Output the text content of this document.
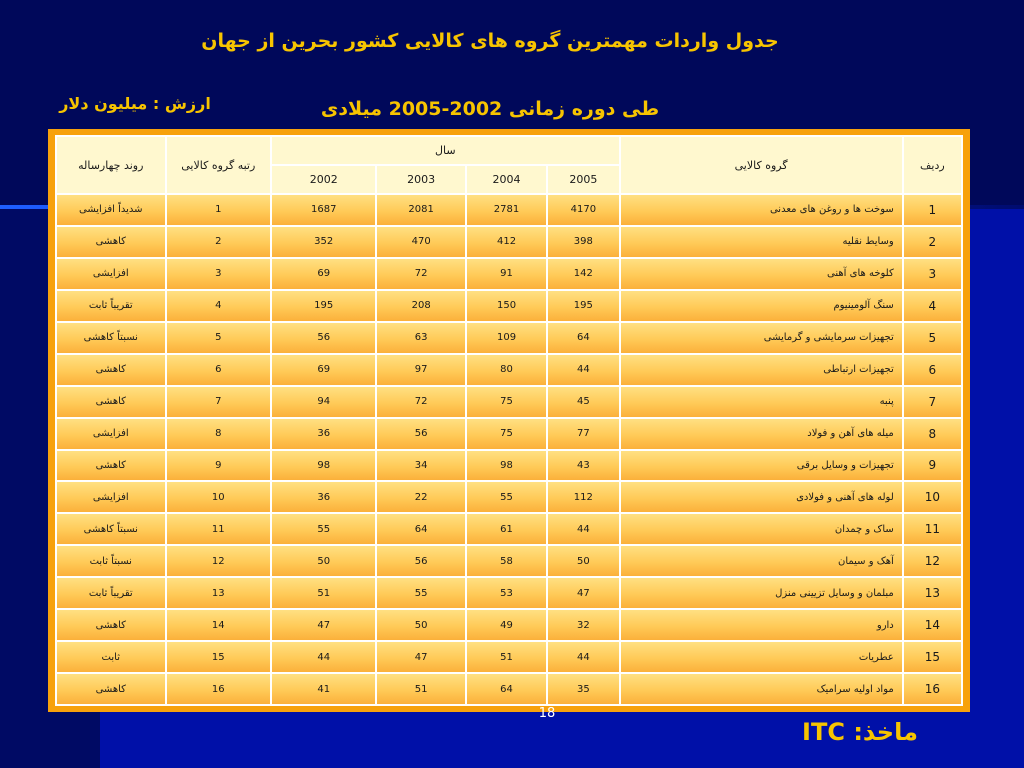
جدول واردات مهمترین گروه های کالایی کشور بحرین از جهان
ارزش : میلیون دلار	طی دوره زمانی 2002-2005 میلادی
ردیف	گروه کالایی	سال				رتبه گروه کالایی	روند چهارساله
		2005	2004	2003	2002		
1	سوخت ها و روغن های معدنی	4170	2781	2081	1687	1	شدیداً افزایشی
2	وسایط نقلیه	398	412	470	352	2	کاهشی
3	کلوخه های آهنی	142	91	72	69	3	افزایشی
4	سنگ آلومینیوم	195	150	208	195	4	تقریباً ثابت
5	تجهیزات سرمایشی و گرمایشی	64	109	63	56	5	نسبتاً کاهشی
6	تجهیزات ارتباطی	44	80	97	69	6	کاهشی
7	پنبه	45	75	72	94	7	کاهشی
8	میله های آهن و فولاد	77	75	56	36	8	افزایشی
9	تجهیزات و وسایل برقی	43	98	34	98	9	کاهشی
10	لوله های آهنی و فولادی	112	55	22	36	10	افزایشی
11	ساک و چمدان	44	61	64	55	11	نسبتاً کاهشی
12	آهک و سیمان	50	58	56	50	12	نسبتاً ثابت
13	مبلمان و وسایل تزیینی منزل	47	53	55	51	13	تقریباً ثابت
14	دارو	32	49	50	47	14	کاهشی
15	عطریات	44	51	47	44	15	ثابت
16	مواد اولیه سرامیک	35	64	51	41	16	کاهشی
18
ماخذ: ITC
